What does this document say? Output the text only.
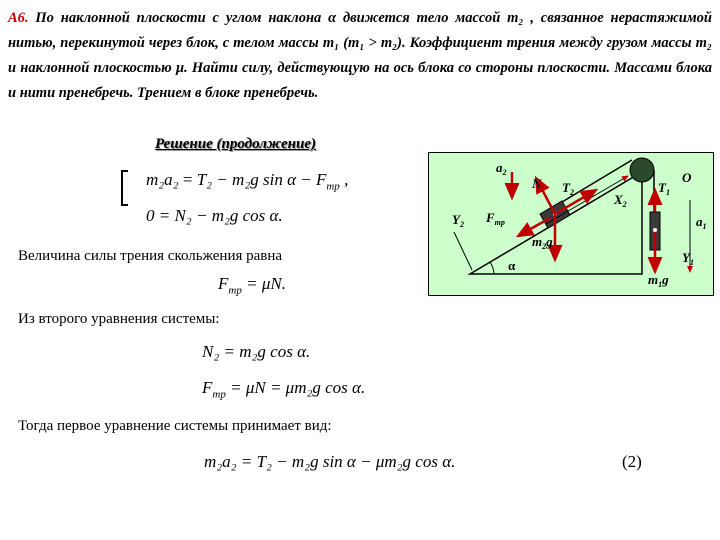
А6. По наклонной плоскости с углом наклона α движется тело массой m₂ , связанное нерастяжимой нитью, перекинутой через блок, с телом массы m₁ (m₁ > m₂). Коэффициент трения между грузом массы m₂ и наклонной плоскостью μ. Найти силу, действующую на ось блока со стороны плоскости. Массами блока и нити пренебречь. Трением в блоке пренебречь.
Решение (продолжение)
m₂a₂ = T₂ − m₂g $\sin \alpha - F_{тр}$ ,
0 = N₂ − m₂g cos α.
Величина силы трения скольжения равна
$F_{тр} = \mu N$.
Из второго уравнения системы:
N₂ = m₂g cos α.
$F_{тр} = \mu N = \mu m_2g$ cos α.
Тогда первое уравнение системы принимает вид:
m₂a₂ = T₂ − m₂g sin α − μm₂g cos α.	(2)
$a_2$
N $T_2$	$X_2$
$Y_2$ $F_{тр}$
$m_2g$
α
$T_1$
O
$a_1$
$Y_1$
$m_1g$
